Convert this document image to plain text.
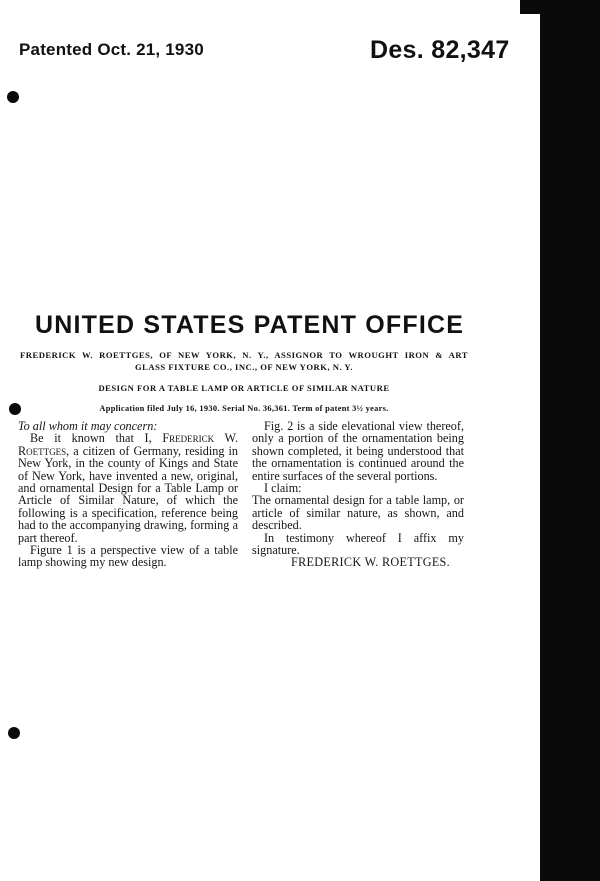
Patented Oct. 21, 1930	Des. 82,347
UNITED STATES PATENT OFFICE
FREDERICK W. ROETTGES, OF NEW YORK, N. Y., ASSIGNOR TO WROUGHT IRON & ART
GLASS FIXTURE CO., INC., OF NEW YORK, N. Y.
DESIGN FOR A TABLE LAMP OR ARTICLE OF SIMILAR NATURE
Application filed July 16, 1930. Serial No. 36,361. Term of patent 3½ years.

To all whom it may concern:

Be it known that I, Frederick W. Roettges, a citizen of Germany, residing in New York, in the county of Kings and State of New York, have invented a new, original, and ornamental Design for a Table Lamp or Article of Similar Nature, of which the following is a specification, reference being had to the accompanying drawing, forming a part thereof.

Figure 1 is a perspective view of a table lamp showing my new design.

Fig. 2 is a side elevational view thereof, only a portion of the ornamentation being shown completed, it being understood that the ornamentation is continued around the entire surfaces of the several portions.

I claim:

The ornamental design for a table lamp, or article of similar nature, as shown, and described.

In testimony whereof I affix my signature.

FREDERICK W. ROETTGES.
